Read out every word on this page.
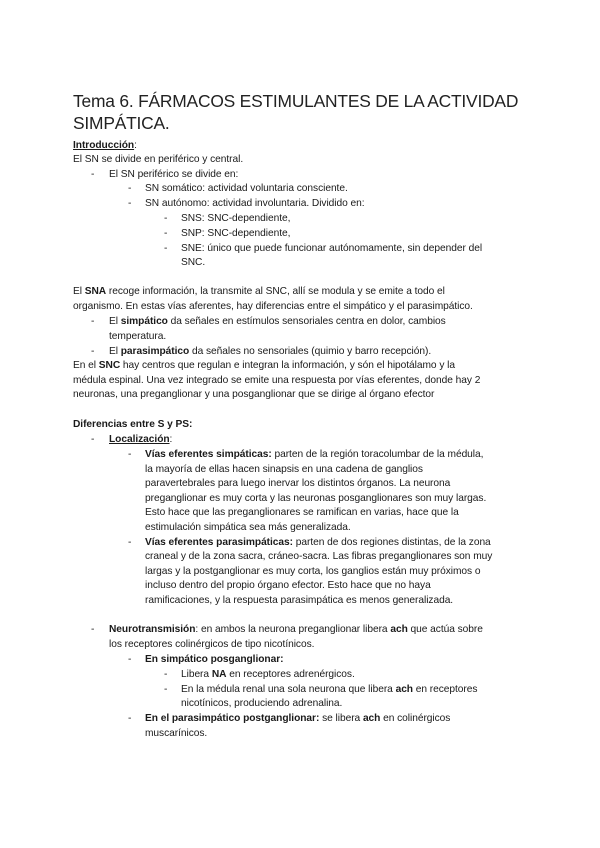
Tema 6. FÁRMACOS ESTIMULANTES DE LA ACTIVIDAD SIMPÁTICA.
Introducción:
El SN se divide en periférico y central.
- El SN periférico se divide en:
- SN somático: actividad voluntaria consciente.
- SN autónomo: actividad involuntaria. Dividido en:
- SNS: SNC-dependiente,
- SNP: SNC-dependiente,
- SNE: único que puede funcionar autónomamente, sin depender del
SNC.
El SNA recoge información, la transmite al SNC, allí se modula y se emite a todo el
organismo. En estas vías aferentes, hay diferencias entre el simpático y el parasimpático.
- El simpático da señales en estímulos sensoriales centra en dolor, cambios
temperatura.
- El parasimpático da señales no sensoriales (quimio y barro recepción).
En el SNC hay centros que regulan e integran la información, y són el hipotálamo y la
médula espinal. Una vez integrado se emite una respuesta por vías eferentes, donde hay 2
neuronas, una preganglionar y una posganglionar que se dirige al órgano efector
Diferencias entre S y PS:
- Localización:
- Vías eferentes simpáticas: parten de la región toracolumbar de la médula,
la mayoría de ellas hacen sinapsis en una cadena de ganglios
paravertebrales para luego inervar los distintos órganos. La neurona
preganglionar es muy corta y las neuronas posganglionares son muy largas.
Esto hace que las preganglionares se ramifican en varias, hace que la
estimulación simpática sea más generalizada.
- Vías eferentes parasimpáticas: parten de dos regiones distintas, de la zona
craneal y de la zona sacra, cráneo-sacra. Las fibras preganglionares son muy
largas y la postganglionar es muy corta, los ganglios están muy próximos o
incluso dentro del propio órgano efector. Esto hace que no haya
ramificaciones, y la respuesta parasimpática es menos generalizada.
- Neurotransmisión: en ambos la neurona preganglionar libera ach que actúa sobre
los receptores colinérgicos de tipo nicotínicos.
- En simpático posganglionar:
- Libera NA en receptores adrenérgicos.
- En la médula renal una sola neurona que libera ach en receptores
nicotínicos, produciendo adrenalina.
- En el parasimpático postganglionar: se libera ach en colinérgicos
muscarínicos.
